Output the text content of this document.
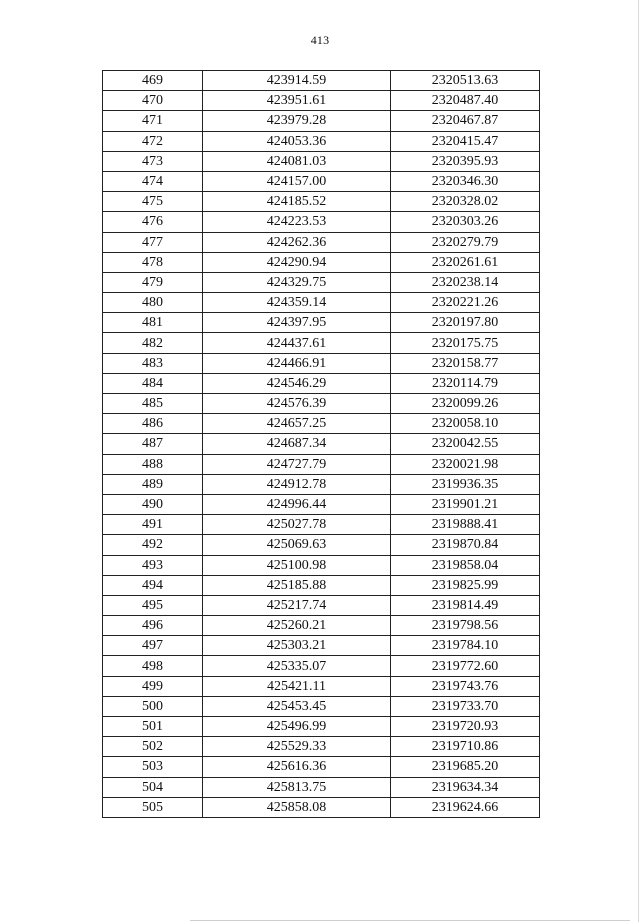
413
469	423914.59	2320513.63
470	423951.61	2320487.40
471	423979.28	2320467.87
472	424053.36	2320415.47
473	424081.03	2320395.93
474	424157.00	2320346.30
475	424185.52	2320328.02
476	424223.53	2320303.26
477	424262.36	2320279.79
478	424290.94	2320261.61
479	424329.75	2320238.14
480	424359.14	2320221.26
481	424397.95	2320197.80
482	424437.61	2320175.75
483	424466.91	2320158.77
484	424546.29	2320114.79
485	424576.39	2320099.26
486	424657.25	2320058.10
487	424687.34	2320042.55
488	424727.79	2320021.98
489	424912.78	2319936.35
490	424996.44	2319901.21
491	425027.78	2319888.41
492	425069.63	2319870.84
493	425100.98	2319858.04
494	425185.88	2319825.99
495	425217.74	2319814.49
496	425260.21	2319798.56
497	425303.21	2319784.10
498	425335.07	2319772.60
499	425421.11	2319743.76
500	425453.45	2319733.70
501	425496.99	2319720.93
502	425529.33	2319710.86
503	425616.36	2319685.20
504	425813.75	2319634.34
505	425858.08	2319624.66
